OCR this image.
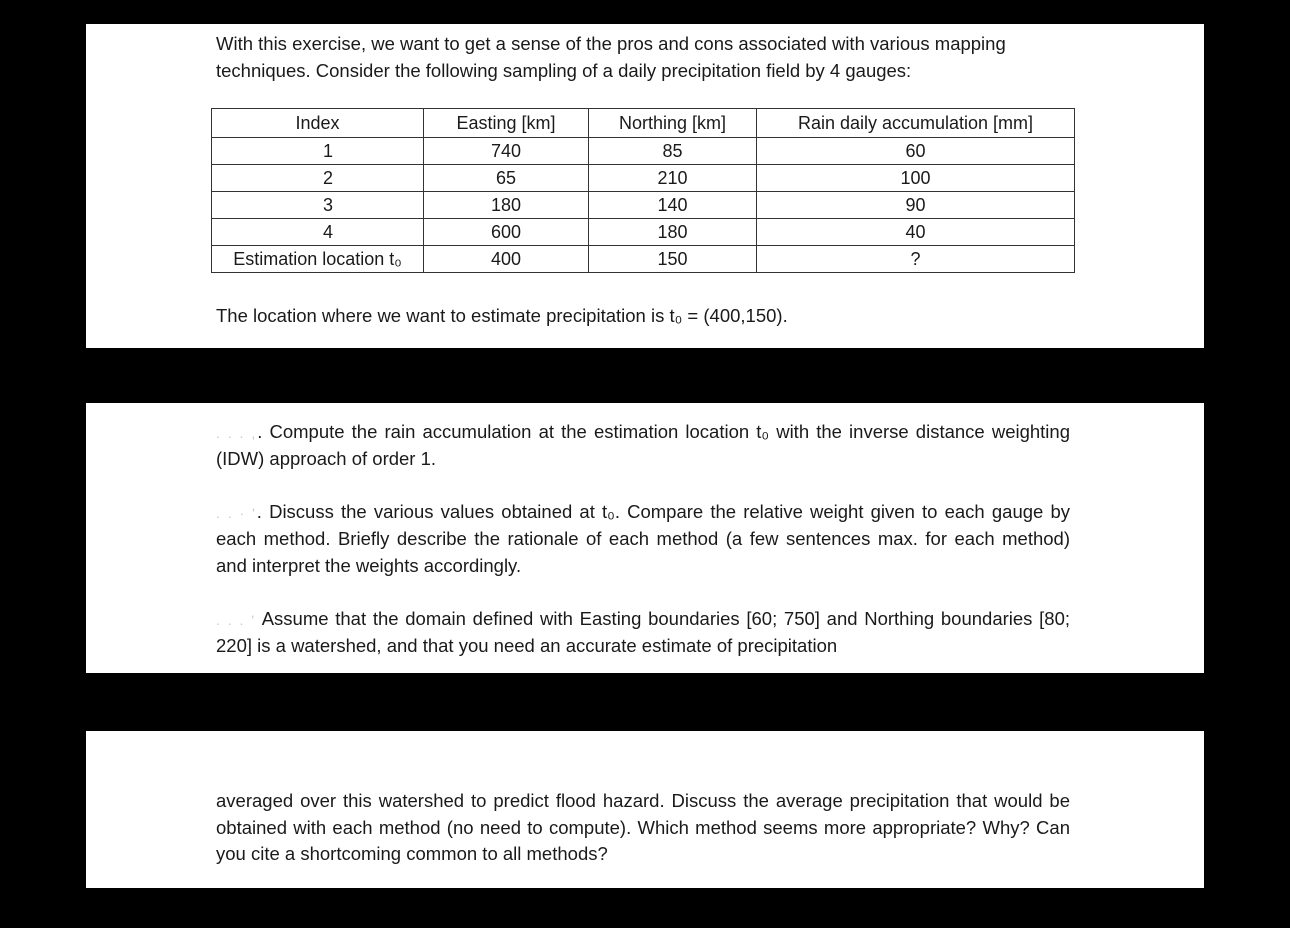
With this exercise, we want to get a sense of the pros and cons associated with various mapping techniques. Consider the following sampling of a daily precipitation field by 4 gauges:

Index	Easting [km]	Northing [km]	Rain daily accumulation [mm]
1	740	85	60
2	65	210	100
3	180	140	90
4	600	180	40
Estimation location t₀	400	150	?

The location where we want to estimate precipitation is t₀ = (400,150).

. . . ,. Compute the rain accumulation at the estimation location t₀ with the inverse distance weighting (IDW) approach of order 1.

. . · '. Discuss the various values obtained at t₀. Compare the relative weight given to each gauge by each method. Briefly describe the rationale of each method (a few sentences max. for each method) and interpret the weights accordingly.

. . . ' Assume that the domain defined with Easting boundaries [60; 750] and Northing boundaries [80; 220] is a watershed, and that you need an accurate estimate of precipitation

averaged over this watershed to predict flood hazard. Discuss the average precipitation that would be obtained with each method (no need to compute). Which method seems more appropriate? Why? Can you cite a shortcoming common to all methods?
